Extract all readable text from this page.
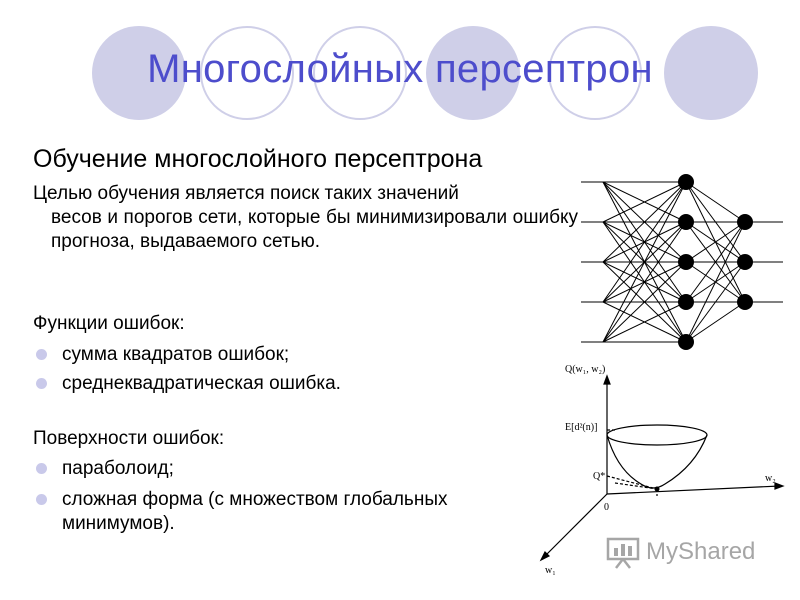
Многослойных персептрон
Обучение многослойного персептрона
Целью обучения является поиск таких значений
весов и порогов сети, которые бы минимизировали ошибку прогноза, выдаваемого сетью.
Функции ошибок:
сумма квадратов ошибок;
среднеквадратическая ошибка.
Поверхности ошибок:
параболоид;
сложная форма (с множеством глобальных минимумов).
Q(w₁, w₂)
E[d²(n)]
Q*
0
w₂
w₁
MyShared
